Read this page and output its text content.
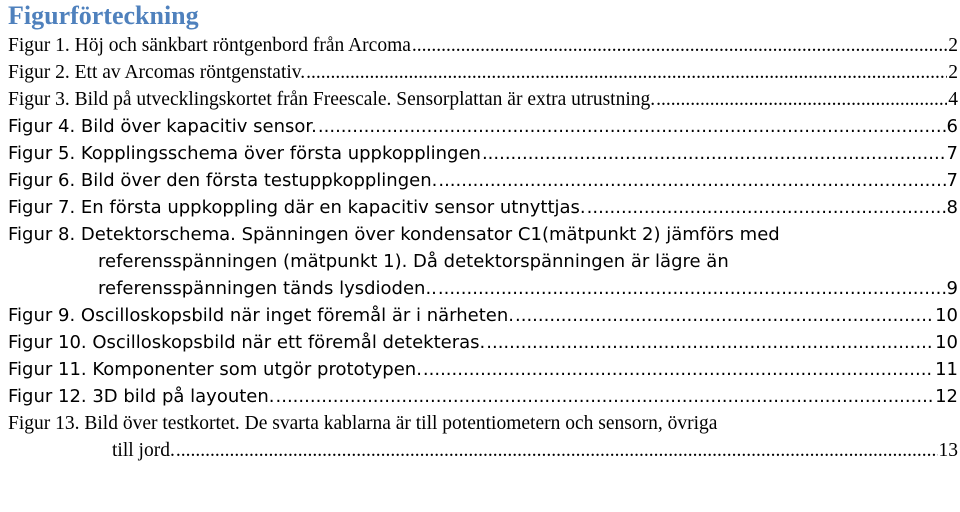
Figurförteckning
Figur 1. Höj och sänkbart röntgenbord från Arcoma .....	2
Figur 2. Ett av Arcomas röntgenstativ. .....	2
Figur 3. Bild på utvecklingskortet från Freescale. Sensorplattan är extra utrustning. .....	4
Figur 4. Bild över kapacitiv sensor. .....	6
Figur 5. Kopplingsschema över första uppkopplingen .....	7
Figur 6. Bild över den första testuppkopplingen. .....	7
Figur 7. En första uppkoppling där en kapacitiv sensor utnyttjas. .....	8
Figur 8. Detektorschema. Spänningen över kondensator C1(mätpunkt 2) jämförs med
referensspänningen (mätpunkt 1). Då detektorspänningen är lägre än
referensspänningen tänds lysdioden.. .....	9
Figur 9. Oscilloskopsbild när inget föremål är i närheten. .....	10
Figur 10. Oscilloskopsbild när ett föremål detekteras. .....	10
Figur 11. Komponenter som utgör prototypen. .....	11
Figur 12. 3D bild på layouten. .....	12
Figur 13. Bild över testkortet. De svarta kablarna är till potentiometern och sensorn, övriga
till jord. .....	13
